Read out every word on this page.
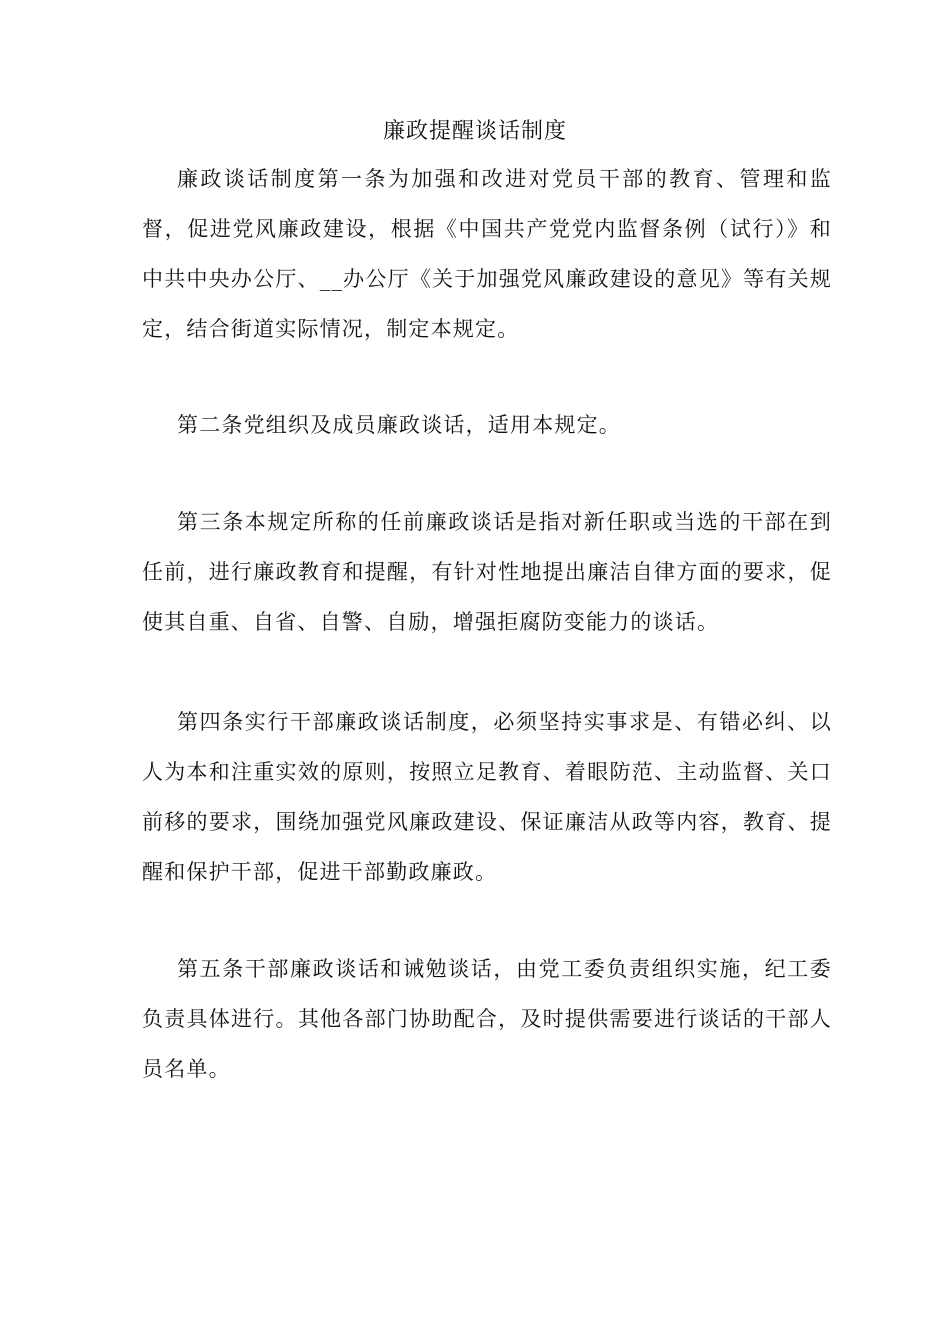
廉政提醒谈话制度
廉政谈话制度第一条为加强和改进对党员干部的教育、管理和监督，促进党风廉政建设，根据《中国共产党党内监督条例（试行）》和中共中央办公厅、__办公厅《关于加强党风廉政建设的意见》等有关规定，结合街道实际情况，制定本规定。
第二条党组织及成员廉政谈话，适用本规定。
第三条本规定所称的任前廉政谈话是指对新任职或当选的干部在到任前，进行廉政教育和提醒，有针对性地提出廉洁自律方面的要求，促使其自重、自省、自警、自励，增强拒腐防变能力的谈话。
第四条实行干部廉政谈话制度，必须坚持实事求是、有错必纠、以人为本和注重实效的原则，按照立足教育、着眼防范、主动监督、关口前移的要求，围绕加强党风廉政建设、保证廉洁从政等内容，教育、提醒和保护干部，促进干部勤政廉政。
第五条干部廉政谈话和诫勉谈话，由党工委负责组织实施，纪工委负责具体进行。其他各部门协助配合，及时提供需要进行谈话的干部人员名单。
